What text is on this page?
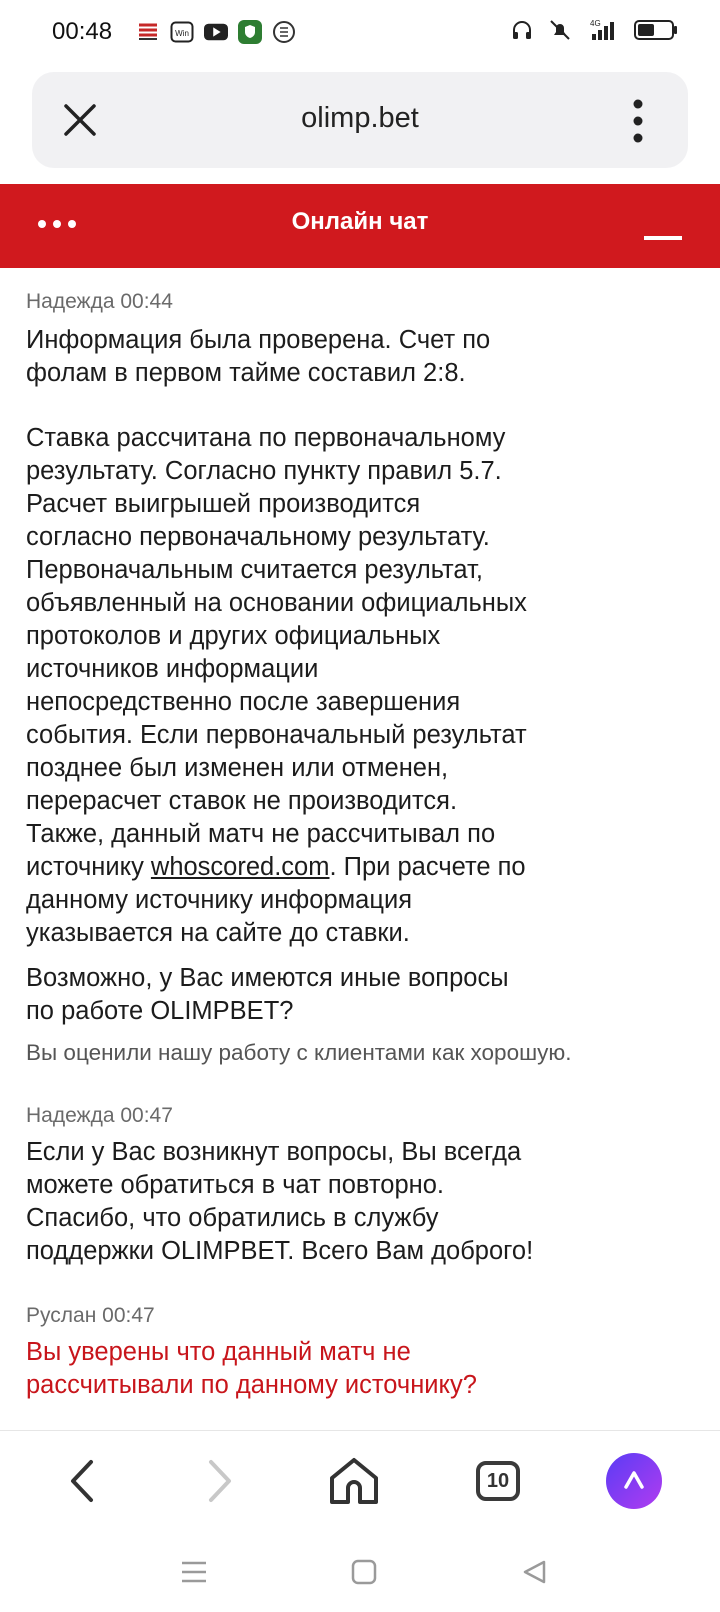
00:48	Win
4G
olimp.bet
Онлайн чат
Надежда 00:44

Информация была проверена. Счет по

фолам в первом тайме составил 2:8.

Ставка рассчитана по первоначальному

результату. Согласно пункту правил 5.7.

Расчет выигрышей производится

согласно первоначальному результату.

Первоначальным считается результат,

объявленный на основании официальных

протоколов и других официальных

источников информации

непосредственно после завершения

события. Если первоначальный результат

позднее был изменен или отменен,

перерасчет ставок не производится.

Также, данный матч не рассчитывал по

источнику whoscored.com. При расчете по

данному источнику информация

указывается на сайте до ставки.

Возможно, у Вас имеются иные вопросы

по работе OLIMPBET?

Вы оценили нашу работу с клиентами как хорошую.
Надежда 00:47

Если у Вас возникнут вопросы, Вы всегда

можете обратиться в чат повторно.

Спасибо, что обратились в службу

поддержки OLIMPBET. Всего Вам доброго!

Руслан 00:47

Вы уверены что данный матч не

рассчитывали по данному источнику?

10
